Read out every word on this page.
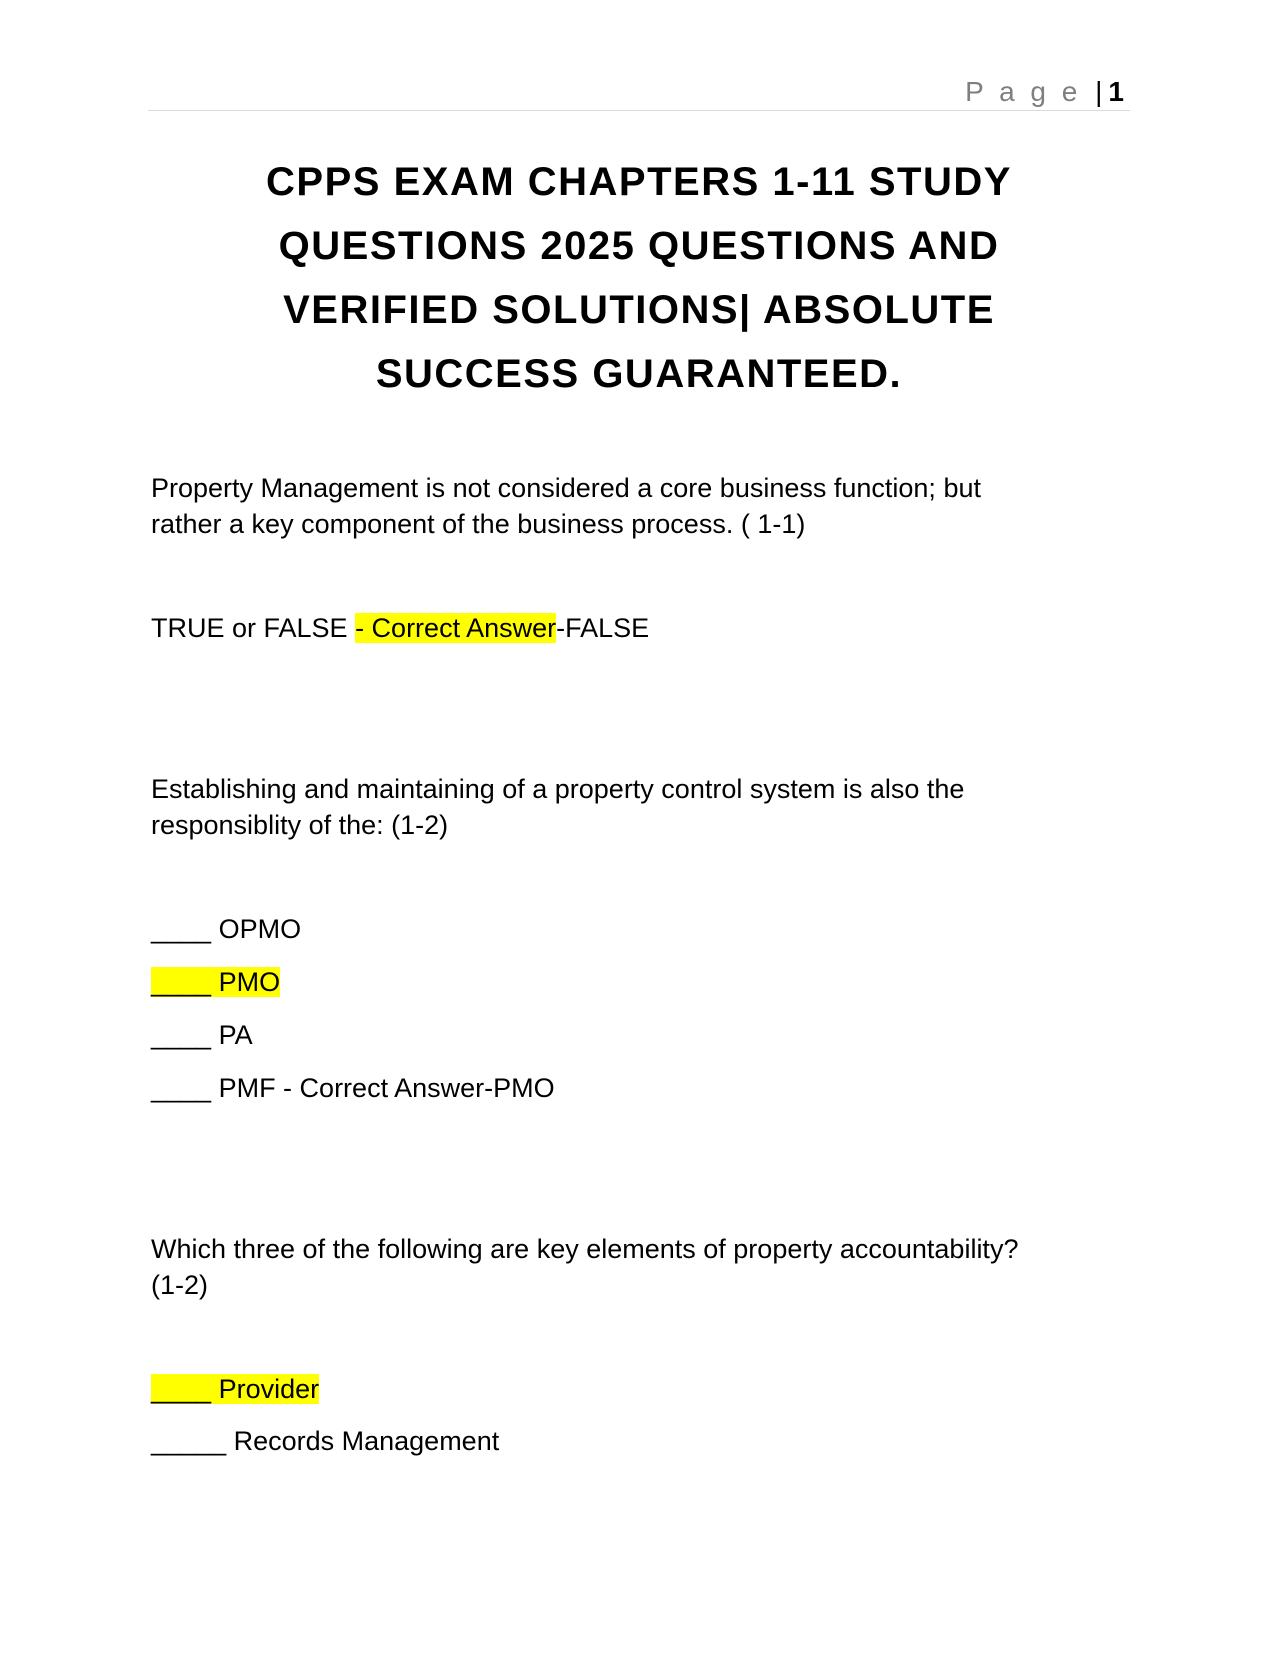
P a g e | 1
CPPS EXAM CHAPTERS 1-11 STUDY
QUESTIONS 2025 QUESTIONS AND
VERIFIED SOLUTIONS| ABSOLUTE
SUCCESS GUARANTEED.
Property Management is not considered a core business function; but
rather a key component of the business process. ( 1-1)
TRUE or FALSE - Correct Answer-FALSE
Establishing and maintaining of a property control system is also the
responsiblity of the: (1-2)
____ OPMO
____ PMO
____ PA
____ PMF - Correct Answer-PMO
Which three of the following are key elements of property accountability?
(1-2)
____ Provider
_____ Records Management
